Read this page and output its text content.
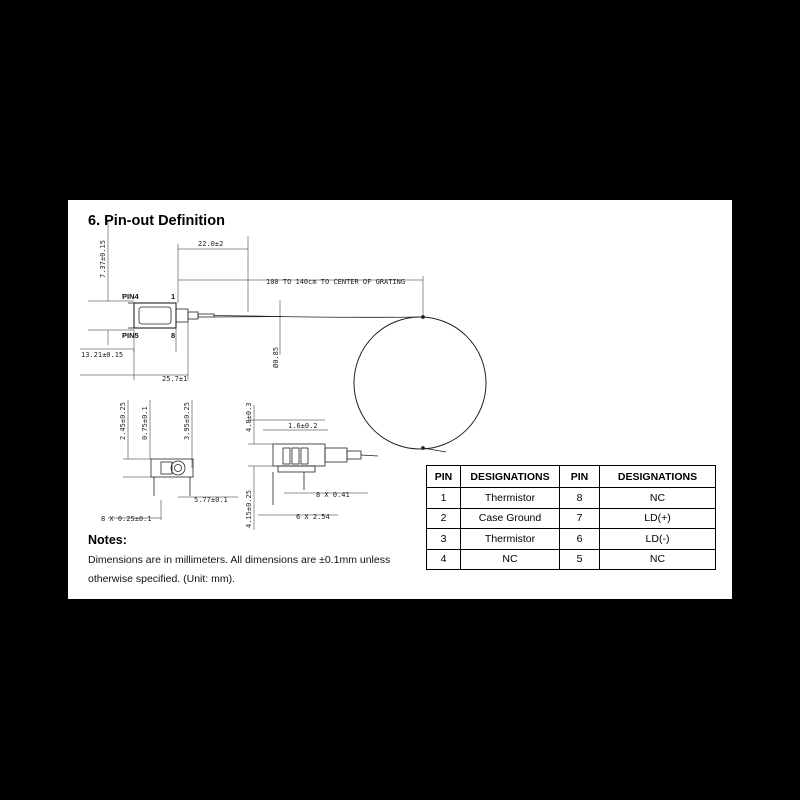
PIN4	1
PIN5	8
7.37±0.15	22.0±2
100 TO 140cm TO CENTER OF GRATING
13.21±0.15	Ø0.85
25.7±1
2.45±0.25 0.75±0.1	3.95±0.25
5.77±0.1
8 X 0.25±0.1
4.8±0.3	1.6±0.2
8 X 0.41
4.15±0.25	6 X 2.54
6. Pin-out Definition
Notes:

Dimensions are in millimeters. All dimensions are ±0.1mm unless otherwise specified. (Unit: mm).

PIN	DESIGNATIONS	PIN	DESIGNATIONS
1	Thermistor	8	NC
2	Case Ground	7	LD(+)
3	Thermistor	6	LD(-)
4	NC	5	NC
